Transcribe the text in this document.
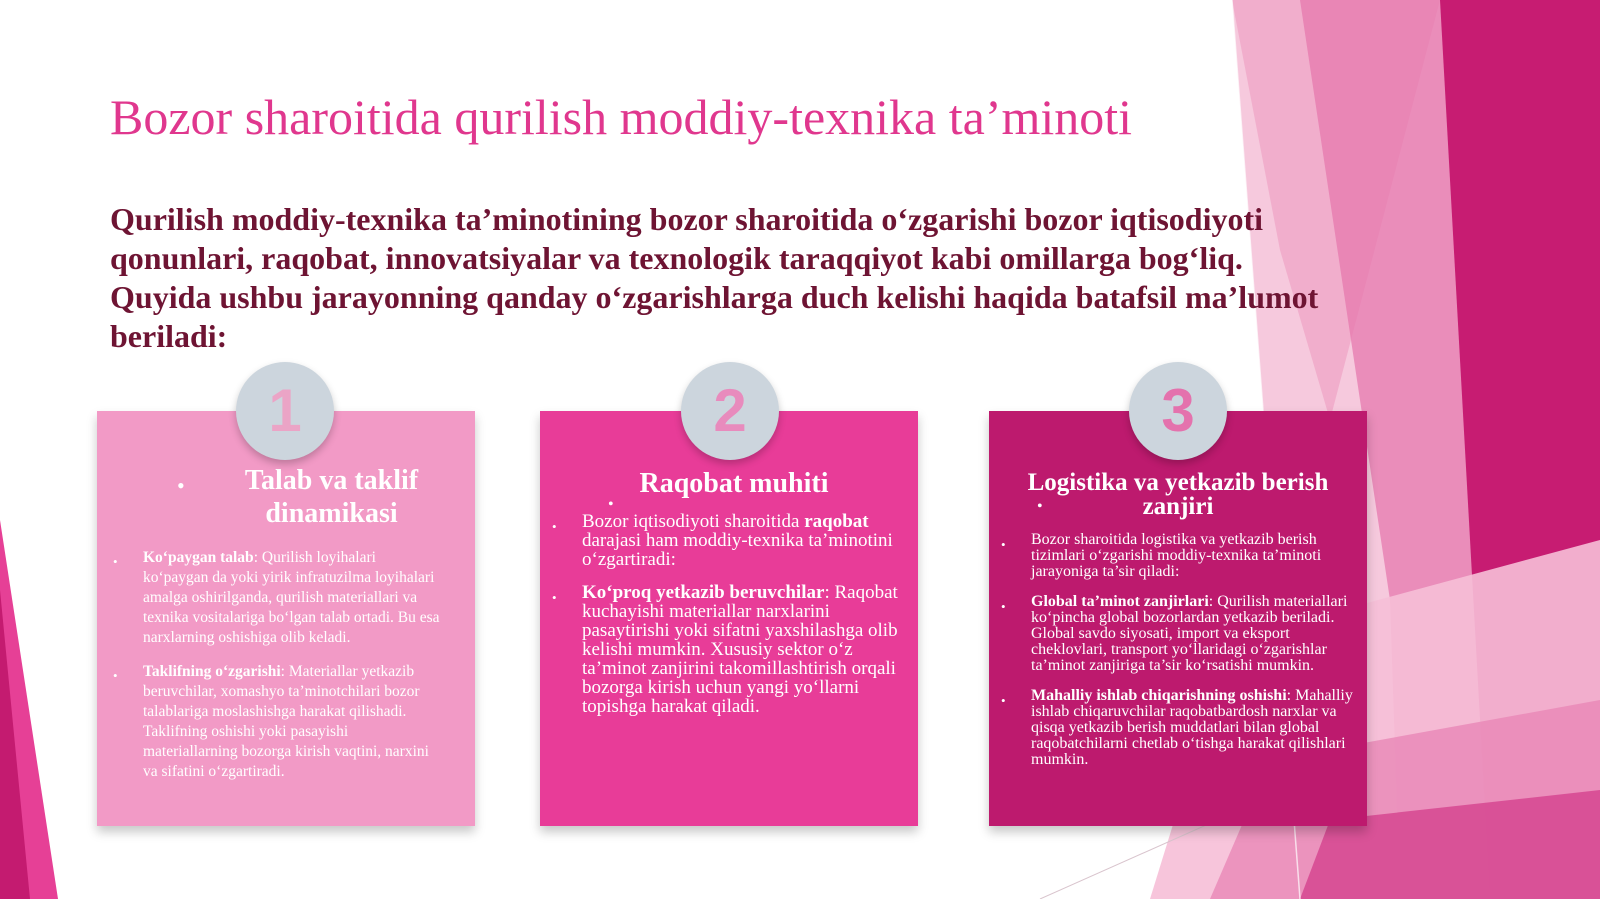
Bozor sharoitida qurilish moddiy-texnika ta’minoti

Qurilish moddiy-texnika ta’minotining bozor sharoitida o‘zgarishi bozor iqtisodiyoti qonunlari, raqobat, innovatsiyalar va texnologik taraqqiyot kabi omillarga bog‘liq. Quyida ushbu jarayonning qanday o‘zgarishlarga duch kelishi haqida batafsil ma’lumot beriladi:

•	Talab va taklif dinamikasi
• Ko‘paygan talab: Qurilish loyihalari ko‘paygan da yoki yirik infratuzilma loyihalari amalga oshirilganda, qurilish materiallari va texnika vositalariga bo‘lgan talab ortadi. Bu esa narxlarning oshishiga olib keladi.
• Taklifning o‘zgarishi: Materiallar yetkazib beruvchilar, xomashyo ta’minotchilari bozor talablariga moslashishga harakat qilishadi. Taklifning oshishi yoki pasayishi materiallarning bozorga kirish vaqtini, narxini va sifatini o‘zgartiradi.
•
Raqobat muhiti
• Bozor iqtisodiyoti sharoitida raqobat darajasi ham moddiy-texnika ta’minotini o‘zgartiradi:
• Ko‘proq yetkazib beruvchilar: Raqobat kuchayishi materiallar narxlarini pasaytirishi yoki sifatni yaxshilashga olib kelishi mumkin. Xususiy sektor o‘z ta’minot zanjirini takomillashtirish orqali bozorga kirish uchun yangi yo‘llarni topishga harakat qiladi.
•
Logistika va yetkazib berish zanjiri
• Bozor sharoitida logistika va yetkazib berish tizimlari o‘zgarishi moddiy-texnika ta’minoti jarayoniga ta’sir qiladi:
• Global ta’minot zanjirlari: Qurilish materiallari ko‘pincha global bozorlardan yetkazib beriladi. Global savdo siyosati, import va eksport cheklovlari, transport yo‘llaridagi o‘zgarishlar ta’minot zanjiriga ta’sir ko‘rsatishi mumkin.
• Mahalliy ishlab chiqarishning oshishi: Mahalliy ishlab chiqaruvchilar raqobatbardosh narxlar va qisqa yetkazib berish muddatlari bilan global raqobatchilarni chetlab o‘tishga harakat qilishlari mumkin.
1	2	3
